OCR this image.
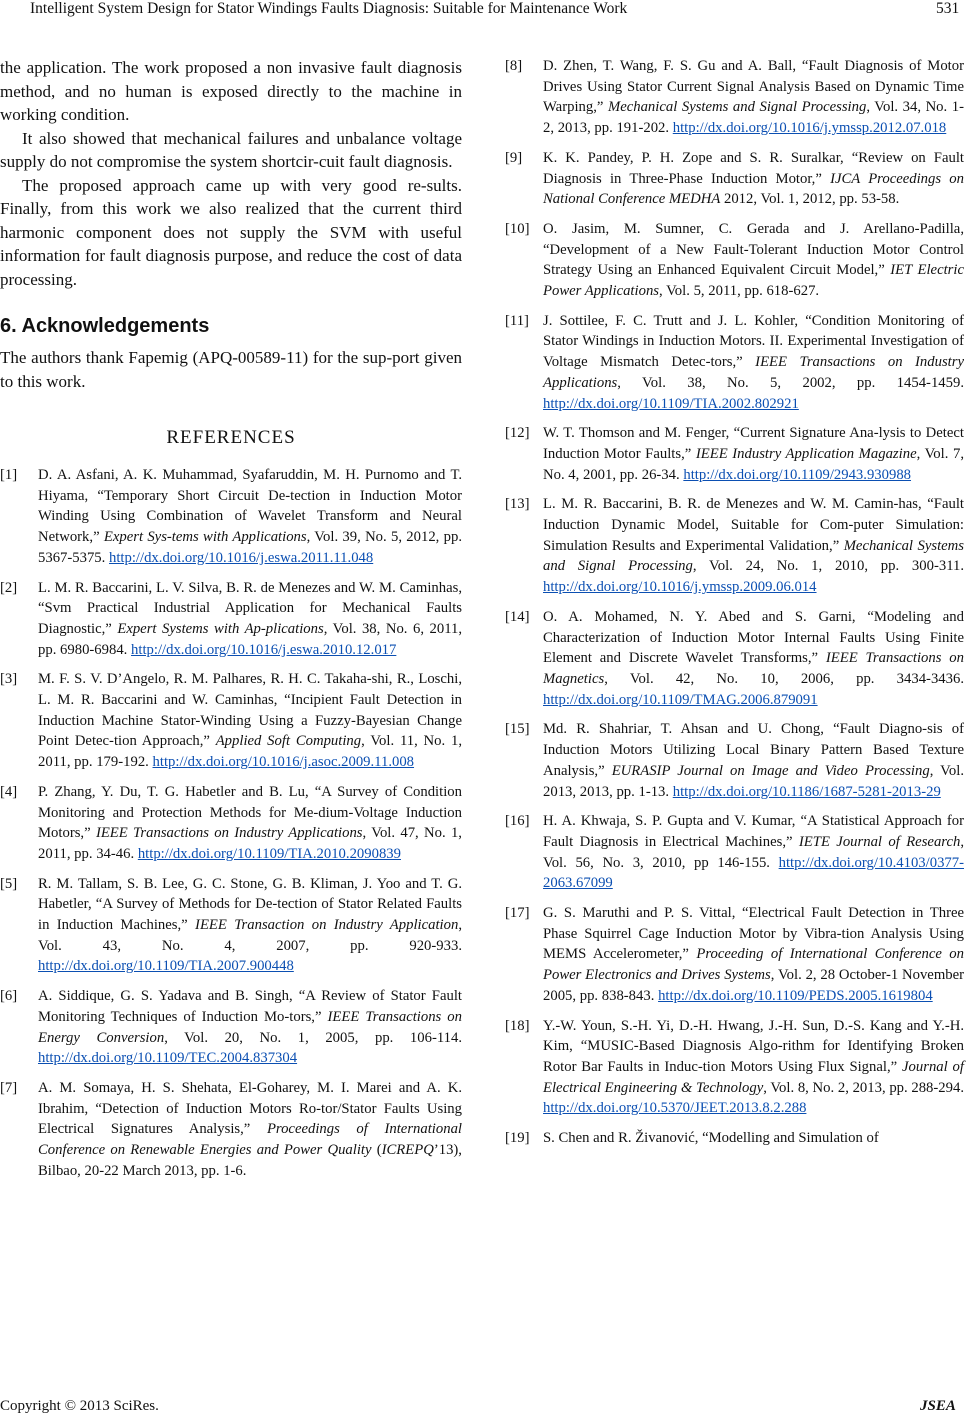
Intelligent System Design for Stator Windings Faults Diagnosis: Suitable for Maintenance Work	531

the application. The work proposed a non invasive fault diagnosis method, and no human is exposed directly to the machine in working condition.

It also showed that mechanical failures and unbalance voltage supply do not compromise the system shortcir-cuit fault diagnosis.

The proposed approach came up with very good re-sults. Finally, from this work we also realized that the current third harmonic component does not supply the SVM with useful information for fault diagnosis purpose, and reduce the cost of data processing.

6. Acknowledgements

The authors thank Fapemig (APQ-00589-11) for the sup-port given to this work.

REFERENCES
[1]	D. A. Asfani, A. K. Muhammad, Syafaruddin, M. H. Purnomo and T. Hiyama, “Temporary Short Circuit De-tection in Induction Motor Winding Using Combination of Wavelet Transform and Neural Network,” Expert Sys-tems with Applications, Vol. 39, No. 5, 2012, pp. 5367-5375. http://dx.doi.org/10.1016/j.eswa.2011.11.048
[2]	L. M. R. Baccarini, L. V. Silva, B. R. de Menezes and W. M. Caminhas, “Svm Practical Industrial Application for Mechanical Faults Diagnostic,” Expert Systems with Ap-plications, Vol. 38, No. 6, 2011, pp. 6980-6984. http://dx.doi.org/10.1016/j.eswa.2010.12.017
[3]	M. F. S. V. D’Angelo, R. M. Palhares, R. H. C. Takaha-shi, R., Loschi, L. M. R. Baccarini and W. Caminhas, “Incipient Fault Detection in Induction Machine Stator-Winding Using a Fuzzy-Bayesian Change Point Detec-tion Approach,” Applied Soft Computing, Vol. 11, No. 1, 2011, pp. 179-192. http://dx.doi.org/10.1016/j.asoc.2009.11.008
[4]	P. Zhang, Y. Du, T. G. Habetler and B. Lu, “A Survey of Condition Monitoring and Protection Methods for Me-dium-Voltage Induction Motors,” IEEE Transactions on Industry Applications, Vol. 47, No. 1, 2011, pp. 34-46. http://dx.doi.org/10.1109/TIA.2010.2090839
[5]	R. M. Tallam, S. B. Lee, G. C. Stone, G. B. Kliman, J. Yoo and T. G. Habetler, “A Survey of Methods for De-tection of Stator Related Faults in Induction Machines,” IEEE Transaction on Industry Application, Vol. 43, No. 4, 2007, pp. 920-933. http://dx.doi.org/10.1109/TIA.2007.900448
[6]	A. Siddique, G. S. Yadava and B. Singh, “A Review of Stator Fault Monitoring Techniques of Induction Mo-tors,” IEEE Transactions on Energy Conversion, Vol. 20, No. 1, 2005, pp. 106-114. http://dx.doi.org/10.1109/TEC.2004.837304
[7]	A. M. Somaya, H. S. Shehata, El-Goharey, M. I. Marei and A. K. Ibrahim, “Detection of Induction Motors Ro-tor/Stator Faults Using Electrical Signatures Analysis,” Proceedings of International Conference on Renewable Energies and Power Quality (ICREPQ’13), Bilbao, 20-22 March 2013, pp. 1-6.
[8]	D. Zhen, T. Wang, F. S. Gu and A. Ball, “Fault Diagnosis of Motor Drives Using Stator Current Signal Analysis Based on Dynamic Time Warping,” Mechanical Systems and Signal Processing, Vol. 34, No. 1-2, 2013, pp. 191-202. http://dx.doi.org/10.1016/j.ymssp.2012.07.018
[9]	K. K. Pandey, P. H. Zope and S. R. Suralkar, “Review on Fault Diagnosis in Three-Phase Induction Motor,” IJCA Proceedings on National Conference MEDHA 2012, Vol. 1, 2012, pp. 53-58.
[10] O. Jasim, M. Sumner, C. Gerada and J. Arellano-Padilla, “Development of a New Fault-Tolerant Induction Motor Control Strategy Using an Enhanced Equivalent Circuit Model,” IET Electric Power Applications, Vol. 5, 2011, pp. 618-627.
[11] J. Sottilee, F. C. Trutt and J. L. Kohler, “Condition Monitoring of Stator Windings in Induction Motors. II. Experimental Investigation of Voltage Mismatch Detec-tors,” IEEE Transactions on Industry Applications, Vol. 38, No. 5, 2002, pp. 1454-1459. http://dx.doi.org/10.1109/TIA.2002.802921
[12] W. T. Thomson and M. Fenger, “Current Signature Ana-lysis to Detect Induction Motor Faults,” IEEE Industry Application Magazine, Vol. 7, No. 4, 2001, pp. 26-34. http://dx.doi.org/10.1109/2943.930988
[13] L. M. R. Baccarini, B. R. de Menezes and W. M. Camin-has, “Fault Induction Dynamic Model, Suitable for Com-puter Simulation: Simulation Results and Experimental Validation,” Mechanical Systems and Signal Processing, Vol. 24, No. 1, 2010, pp. 300-311. http://dx.doi.org/10.1016/j.ymssp.2009.06.014
[14] O. A. Mohamed, N. Y. Abed and S. Garni, “Modeling and Characterization of Induction Motor Internal Faults Using Finite Element and Discrete Wavelet Transforms,” IEEE Transactions on Magnetics, Vol. 42, No. 10, 2006, pp. 3434-3436. http://dx.doi.org/10.1109/TMAG.2006.879091
[15] Md. R. Shahriar, T. Ahsan and U. Chong, “Fault Diagno-sis of Induction Motors Utilizing Local Binary Pattern Based Texture Analysis,” EURASIP Journal on Image and Video Processing, Vol. 2013, 2013, pp. 1-13. http://dx.doi.org/10.1186/1687-5281-2013-29
[16] H. A. Khwaja, S. P. Gupta and V. Kumar, “A Statistical Approach for Fault Diagnosis in Electrical Machines,” IETE Journal of Research, Vol. 56, No. 3, 2010, pp 146-155. http://dx.doi.org/10.4103/0377-2063.67099
[17] G. S. Maruthi and P. S. Vittal, “Electrical Fault Detection in Three Phase Squirrel Cage Induction Motor by Vibra-tion Analysis Using MEMS Accelerometer,” Proceeding of International Conference on Power Electronics and Drives Systems, Vol. 2, 28 October-1 November 2005, pp. 838-843. http://dx.doi.org/10.1109/PEDS.2005.1619804
[18] Y.-W. Youn, S.-H. Yi, D.-H. Hwang, J.-H. Sun, D.-S. Kang and Y.-H. Kim, “MUSIC-Based Diagnosis Algo-rithm for Identifying Broken Rotor Bar Faults in Induc-tion Motors Using Flux Signal,” Journal of Electrical Engineering & Technology, Vol. 8, No. 2, 2013, pp. 288-294. http://dx.doi.org/10.5370/JEET.2013.8.2.288
[19] S. Chen and R. Živanović, “Modelling and Simulation of
Copyright © 2013 SciRes.	JSEA
